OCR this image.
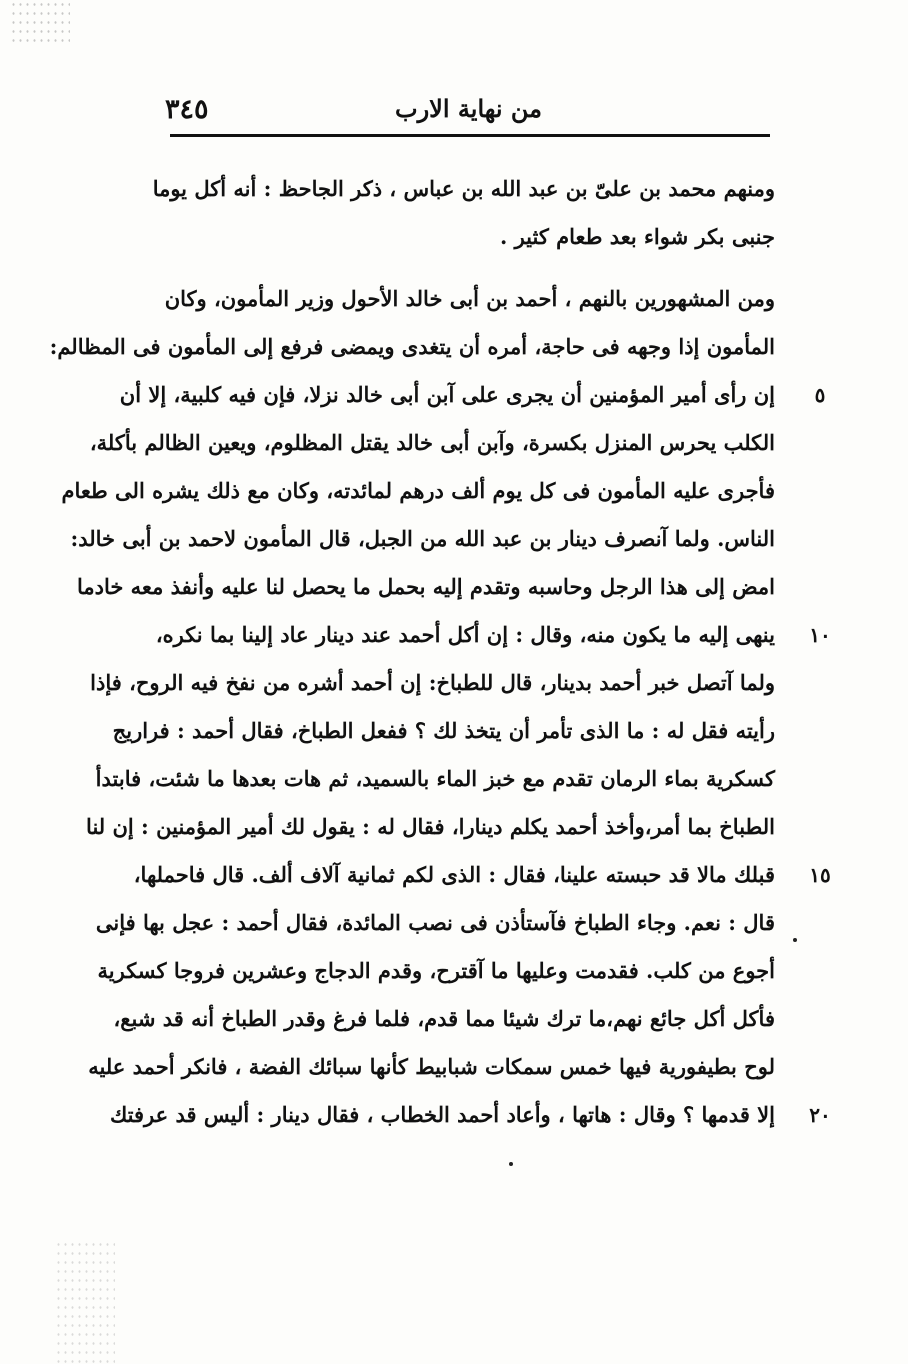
٣٤٥	من نهاية الارب
ومنهم محمد بن علىّ بن عبد الله بن عباس ، ذكر الجاحظ : أنه أكل يوما
جنبى بكر شواء بعد طعام كثير .
ومن المشهورين بالنهم ، أحمد بن أبى خالد الأحول وزير المأمون، وكان
المأمون إذا وجهه فى حاجة، أمره أن يتغدى ويمضى فرفع إلى المأمون فى المظالم:
إن رأى أمير المؤمنين أن يجرى على آبن أبى خالد نزلا، فإن فيه كلبية، إلا أن
الكلب يحرس المنزل بكسرة، وآبن أبى خالد يقتل المظلوم، ويعين الظالم بأكلة،
فأجرى عليه المأمون فى كل يوم ألف درهم لمائدته، وكان مع ذلك يشره الى طعام
الناس. ولما آنصرف دينار بن عبد الله من الجبل، قال المأمون لاحمد بن أبى خالد:
امض إلى هذا الرجل وحاسبه وتقدم إليه بحمل ما يحصل لنا عليه وأنفذ معه خادما
ينهى إليه ما يكون منه، وقال : إن أكل أحمد عند دينار عاد إلينا بما نكره،
ولما آتصل خبر أحمد بدينار، قال للطباخ: إن أحمد أشره من نفخ فيه الروح، فإذا
رأيته فقل له : ما الذى تأمر أن يتخذ لك ؟ ففعل الطباخ، فقال أحمد : فراريج
كسكرية بماء الرمان تقدم مع خبز الماء بالسميد، ثم هات بعدها ما شئت، فابتدأ
الطباخ بما أمر،وأخذ أحمد يكلم دينارا، فقال له : يقول لك أمير المؤمنين : إن لنا
قبلك مالا قد حبسته علينا، فقال : الذى لكم ثمانية آلاف ألف. قال فاحملها،
قال : نعم. وجاء الطباخ فآستأذن فى نصب المائدة، فقال أحمد : عجل بها فإنى
أجوع من كلب. فقدمت وعليها ما آقترح، وقدم الدجاج وعشرين فروجا كسكرية
فأكل أكل جائع نهم،ما ترك شيئا مما قدم، فلما فرغ وقدر الطباخ أنه قد شبع،
لوح بطيفورية فيها خمس سمكات شبابيط كأنها سبائك الفضة ، فانكر أحمد عليه
إلا قدمها ؟ وقال : هاتها ، وأعاد أحمد الخطاب ، فقال دينار : أليس قد عرفتك
٥
١٠
١٥
٢٠
